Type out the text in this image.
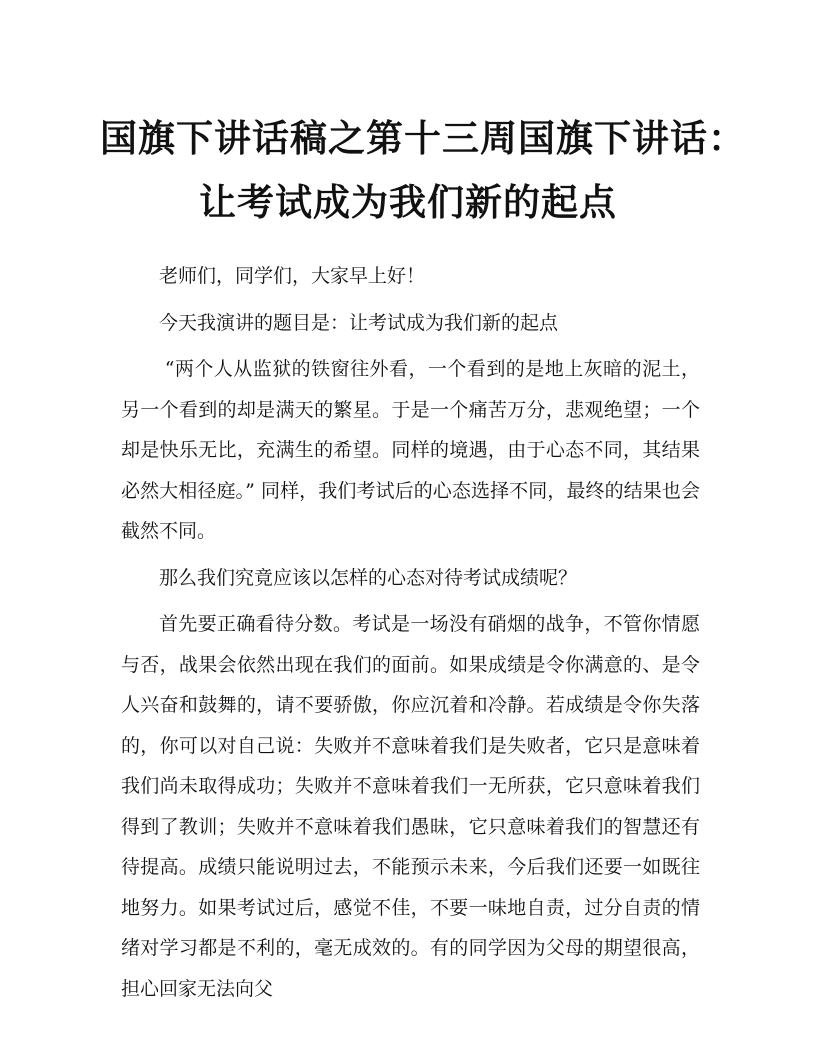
国旗下讲话稿之第十三周国旗下讲话：
让考试成为我们新的起点

老师们，同学们，大家早上好！

今天我演讲的题目是：让考试成为我们新的起点

“两个人从监狱的铁窗往外看，一个看到的是地上灰暗的泥土，另一个看到的却是满天的繁星。于是一个痛苦万分，悲观绝望；一个却是快乐无比，充满生的希望。同样的境遇，由于心态不同，其结果必然大相径庭。” 同样，我们考试后的心态选择不同，最终的结果也会截然不同。

那么我们究竟应该以怎样的心态对待考试成绩呢？

首先要正确看待分数。考试是一场没有硝烟的战争，不管你情愿与否，战果会依然出现在我们的面前。如果成绩是令你满意的、是令人兴奋和鼓舞的，请不要骄傲，你应沉着和冷静。若成绩是令你失落的，你可以对自己说：失败并不意味着我们是失败者，它只是意味着我们尚未取得成功；失败并不意味着我们一无所获，它只意味着我们得到了教训；失败并不意味着我们愚昧，它只意味着我们的智慧还有待提高。成绩只能说明过去，不能预示未来，今后我们还要一如既往地努力。如果考试过后，感觉不佳，不要一味地自责，过分自责的情绪对学习都是不利的，毫无成效的。有的同学因为父母的期望很高，担心回家无法向父
